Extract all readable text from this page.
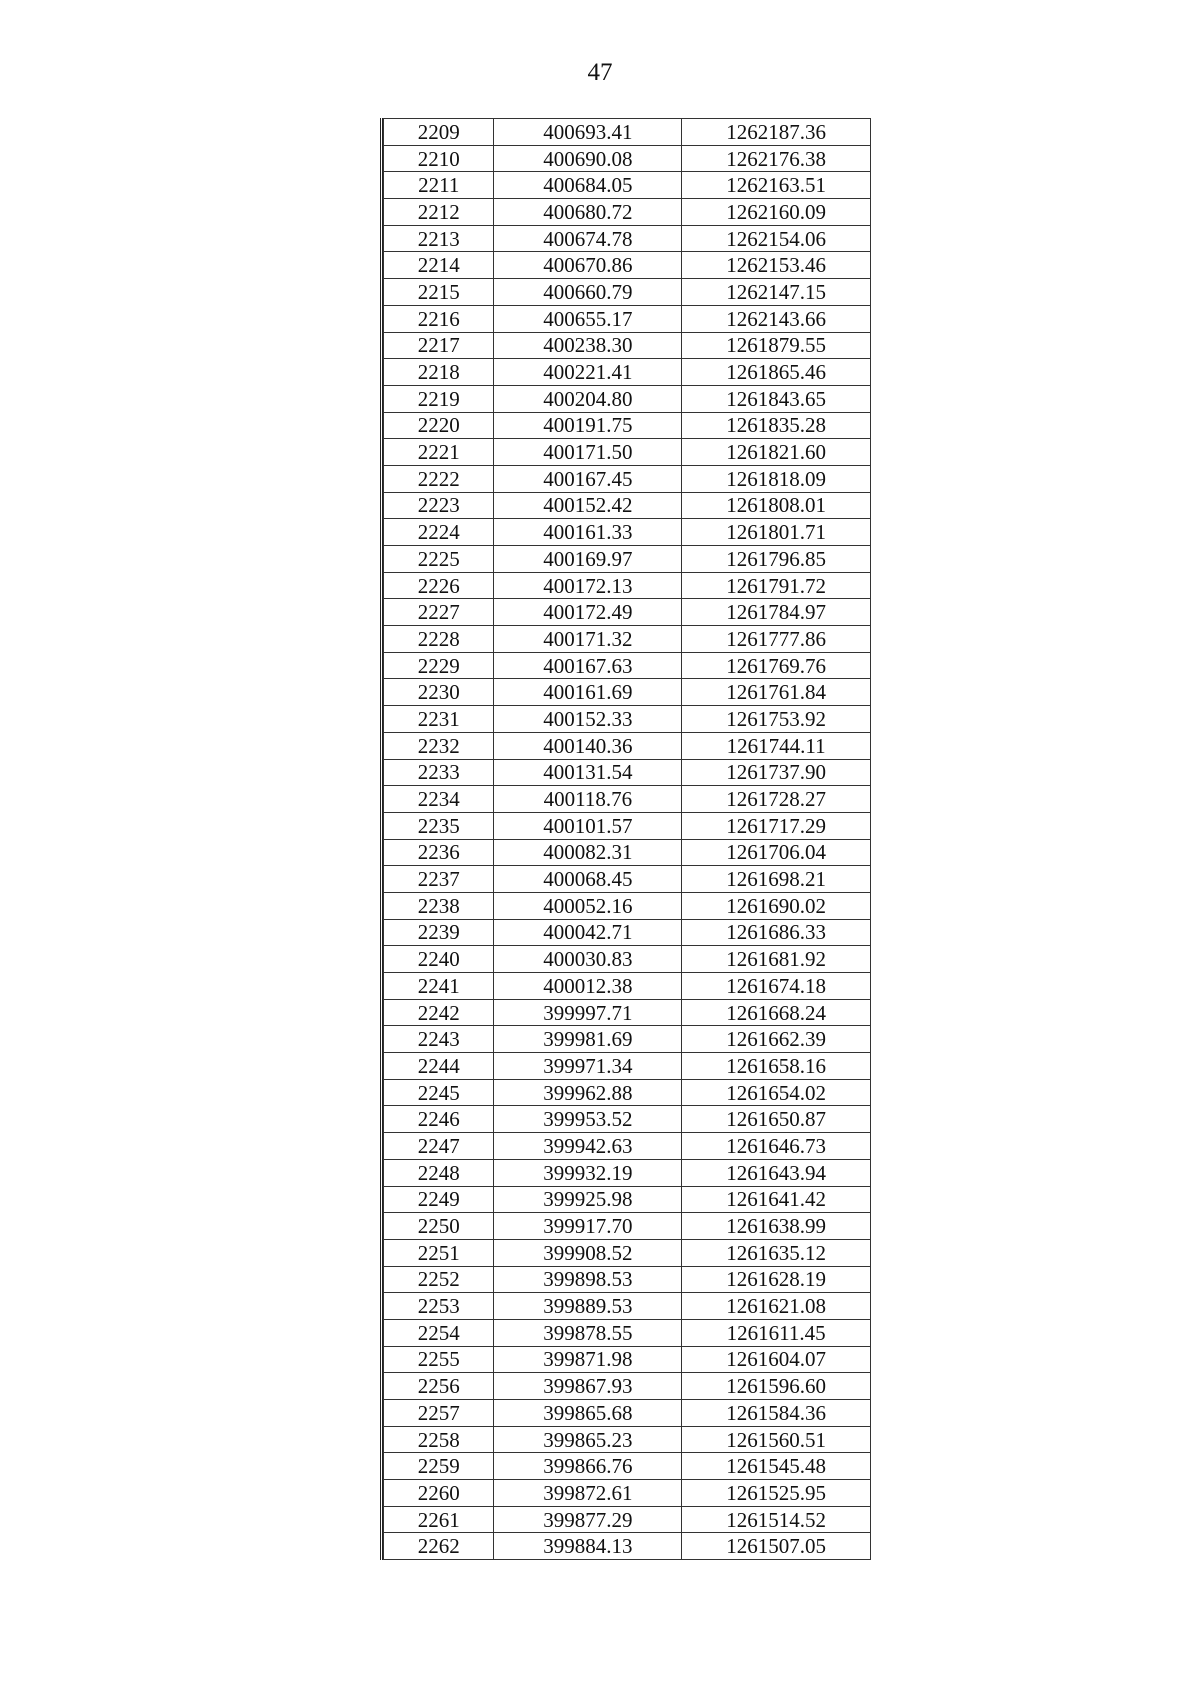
47
2209	400693.41	1262187.36
2210	400690.08	1262176.38
2211	400684.05	1262163.51
2212	400680.72	1262160.09
2213	400674.78	1262154.06
2214	400670.86	1262153.46
2215	400660.79	1262147.15
2216	400655.17	1262143.66
2217	400238.30	1261879.55
2218	400221.41	1261865.46
2219	400204.80	1261843.65
2220	400191.75	1261835.28
2221	400171.50	1261821.60
2222	400167.45	1261818.09
2223	400152.42	1261808.01
2224	400161.33	1261801.71
2225	400169.97	1261796.85
2226	400172.13	1261791.72
2227	400172.49	1261784.97
2228	400171.32	1261777.86
2229	400167.63	1261769.76
2230	400161.69	1261761.84
2231	400152.33	1261753.92
2232	400140.36	1261744.11
2233	400131.54	1261737.90
2234	400118.76	1261728.27
2235	400101.57	1261717.29
2236	400082.31	1261706.04
2237	400068.45	1261698.21
2238	400052.16	1261690.02
2239	400042.71	1261686.33
2240	400030.83	1261681.92
2241	400012.38	1261674.18
2242	399997.71	1261668.24
2243	399981.69	1261662.39
2244	399971.34	1261658.16
2245	399962.88	1261654.02
2246	399953.52	1261650.87
2247	399942.63	1261646.73
2248	399932.19	1261643.94
2249	399925.98	1261641.42
2250	399917.70	1261638.99
2251	399908.52	1261635.12
2252	399898.53	1261628.19
2253	399889.53	1261621.08
2254	399878.55	1261611.45
2255	399871.98	1261604.07
2256	399867.93	1261596.60
2257	399865.68	1261584.36
2258	399865.23	1261560.51
2259	399866.76	1261545.48
2260	399872.61	1261525.95
2261	399877.29	1261514.52
2262	399884.13	1261507.05
